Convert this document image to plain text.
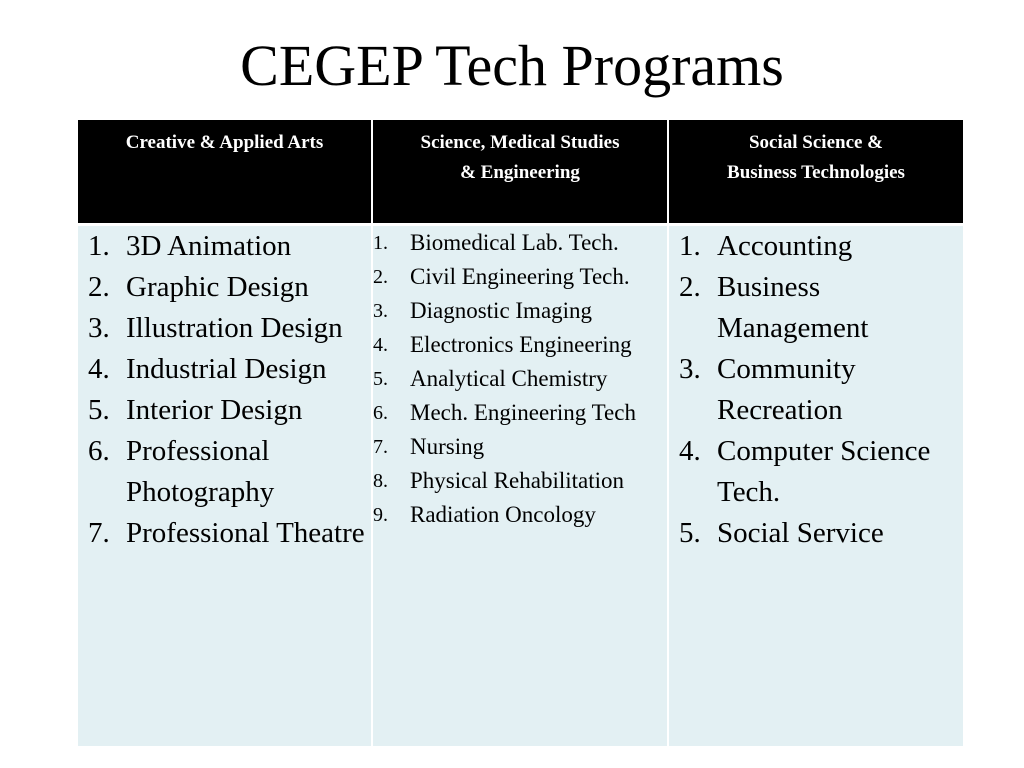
CEGEP Tech Programs
Creative & Applied Arts	Science, Medical Studies
& Engineering
Social Science &
Business Technologies
1. 3D Animation
2. Graphic Design
3. Illustration Design
4. Industrial Design
5. Interior Design
6. Professional Photography
7. Professional Theatre
1. Biomedical Lab. Tech.
2. Civil Engineering Tech.
3. Diagnostic Imaging
4. Electronics Engineering
5. Analytical Chemistry
6. Mech. Engineering Tech
7. Nursing
8. Physical Rehabilitation
9. Radiation Oncology
1. Accounting
2. Business Management
3. Community Recreation
4. Computer Science Tech.
5. Social Service
